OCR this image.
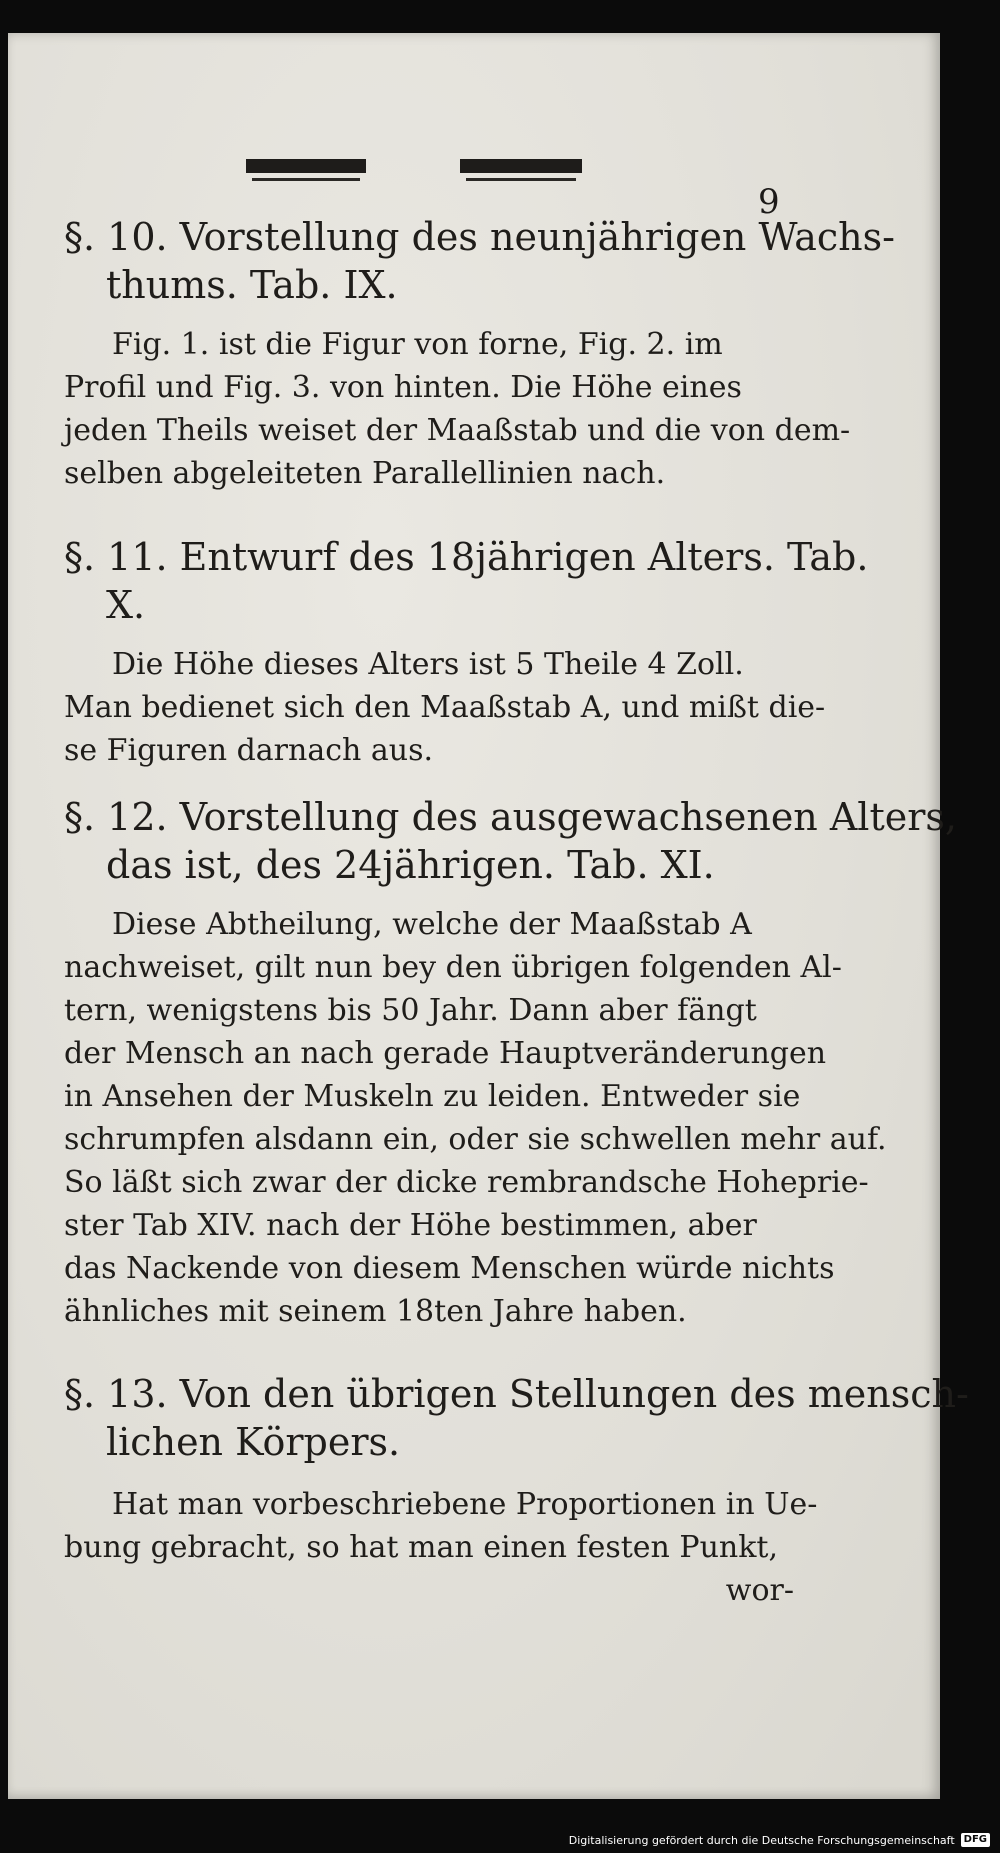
9
§. 10. Vorstellung des neunjährigen Wachs-
thums. Tab. IX.
Fig. 1. ist die Figur von forne, Fig. 2. im
Profil und Fig. 3. von hinten. Die Höhe eines
jeden Theils weiset der Maaßstab und die von dem-
selben abgeleiteten Parallellinien nach.
§. 11. Entwurf des 18jährigen Alters. Tab.
X.
Die Höhe dieses Alters ist 5 Theile 4 Zoll.
Man bedienet sich den Maaßstab A, und mißt die-
se Figuren darnach aus.
§. 12. Vorstellung des ausgewachsenen Alters,
das ist, des 24jährigen. Tab. XI.
Diese Abtheilung, welche der Maaßstab A
nachweiset, gilt nun bey den übrigen folgenden Al-
tern, wenigstens bis 50 Jahr. Dann aber fängt
der Mensch an nach gerade Hauptveränderungen
in Ansehen der Muskeln zu leiden. Entweder sie
schrumpfen alsdann ein, oder sie schwellen mehr auf.
So läßt sich zwar der dicke rembrandsche Hoheprie-
ster Tab XIV. nach der Höhe bestimmen, aber
das Nackende von diesem Menschen würde nichts
ähnliches mit seinem 18ten Jahre haben.
§. 13. Von den übrigen Stellungen des mensch-
lichen Körpers.
Hat man vorbeschriebene Proportionen in Ue-
bung gebracht, so hat man einen festen Punkt,
wor-
Digitalisierung gefördert durch die Deutsche Forschungsgemeinschaft DFG
